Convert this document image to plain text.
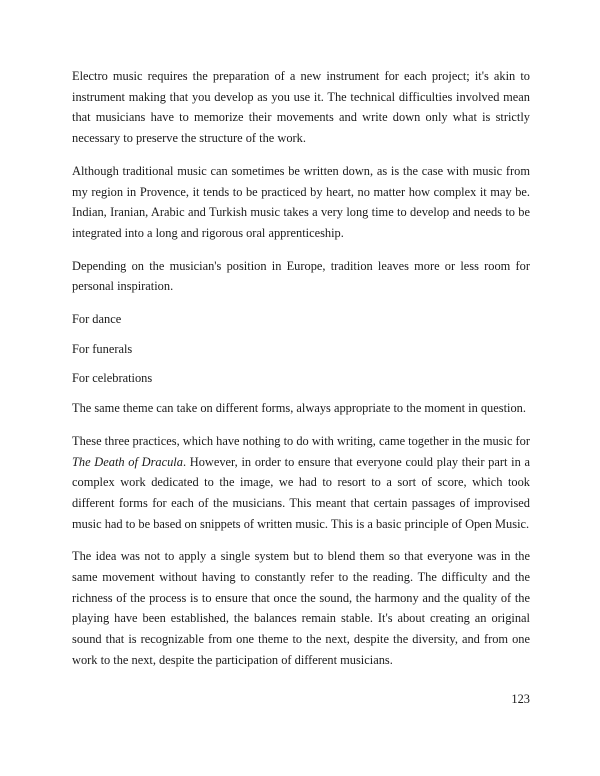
Electro music requires the preparation of a new instrument for each project; it's akin to instrument making that you develop as you use it. The technical difficulties involved mean that musicians have to memorize their movements and write down only what is strictly necessary to preserve the structure of the work.

Although traditional music can sometimes be written down, as is the case with music from my region in Provence, it tends to be practiced by heart, no matter how complex it may be. Indian, Iranian, Arabic and Turkish music takes a very long time to develop and needs to be integrated into a long and rigorous oral apprenticeship.

Depending on the musician's position in Europe, tradition leaves more or less room for personal inspiration.

For dance

For funerals

For celebrations

The same theme can take on different forms, always appropriate to the moment in question.

These three practices, which have nothing to do with writing, came together in the music for The Death of Dracula. However, in order to ensure that everyone could play their part in a complex work dedicated to the image, we had to resort to a sort of score, which took different forms for each of the musicians. This meant that certain passages of improvised music had to be based on snippets of written music. This is a basic principle of Open Music.

The idea was not to apply a single system but to blend them so that everyone was in the same movement without having to constantly refer to the reading. The difficulty and the richness of the process is to ensure that once the sound, the harmony and the quality of the playing have been established, the balances remain stable. It's about creating an original sound that is recognizable from one theme to the next, despite the diversity, and from one work to the next, despite the participation of different musicians.

123
